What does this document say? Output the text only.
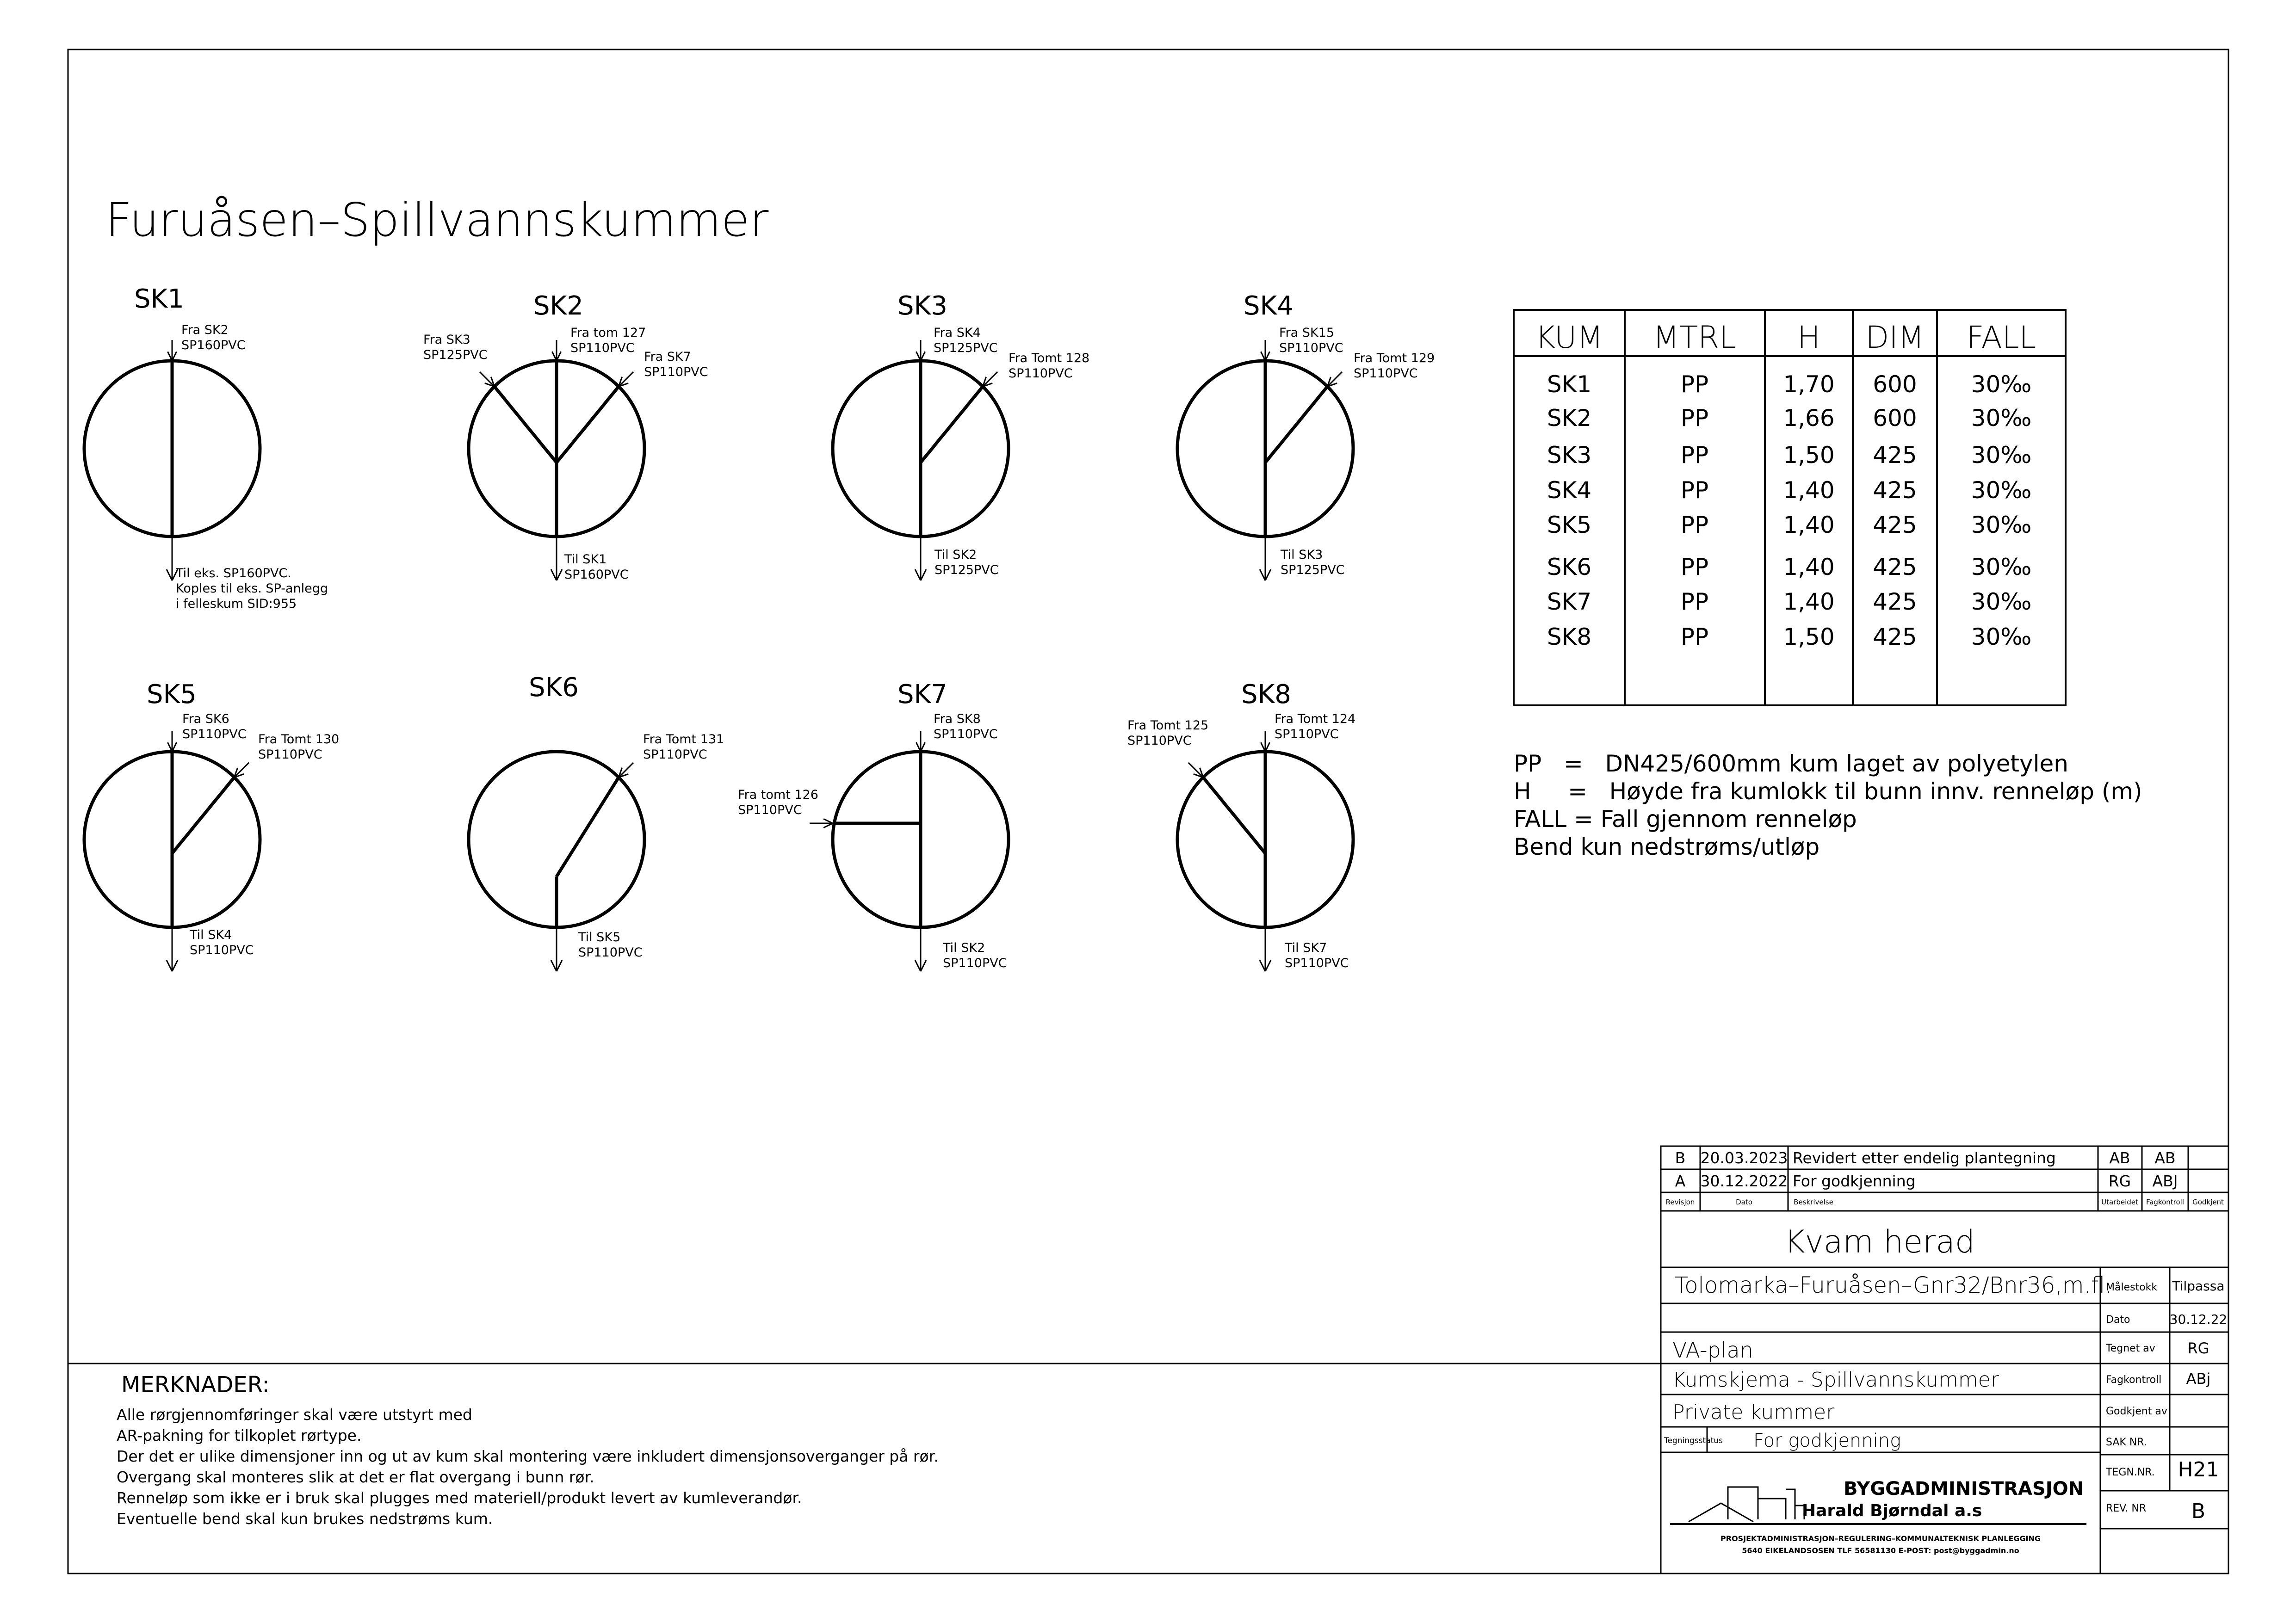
Furuåsen–Spillvannskummer
SK1
Fra SK2
SP160PVC
Til eks. SP160PVC.
Koples til eks. SP-anlegg
i felleskum SID:955
SK2
Fra SK3
SP125PVC
Fra tom 127
SP110PVC
Fra SK7
SP110PVC
Til SK1
SP160PVC
SK3
Fra SK4
SP125PVC
Fra Tomt 128
SP110PVC
Til SK2
SP125PVC
SK4
Fra SK15
SP110PVC
Fra Tomt 129
SP110PVC
Til SK3
SP125PVC
SK5
Fra SK6
SP110PVC Fra Tomt 130
SP110PVC
Til SK4
SP110PVC
SK6
Fra Tomt 131
SP110PVC
Til SK5
SP110PVC
SK7
Fra SK8
SP110PVC
Fra tomt 126
SP110PVC
Til SK2
SP110PVC
SK8
Fra Tomt 125
SP110PVC
Fra Tomt 124
SP110PVC
Til SK7
SP110PVC
KUM MTRL H DIM FALL
SK1	PP	1,70 600 30‰
SK2	PP	1,66 600 30‰
SK3	PP	1,50 425 30‰
SK4	PP	1,40 425 30‰
SK5	PP	1,40 425 30‰
SK6	PP	1,40 425 30‰
SK7	PP	1,40 425 30‰
SK8	PP	1,50 425 30‰
PP   =   DN425/600mm kum laget av polyetylen
H     =   Høyde fra kumlokk til bunn innv. renneløp (m)
FALL = Fall gjennom renneløp
Bend kun nedstrøms/utløp
MERKNADER:
Alle rørgjennomføringer skal være utstyrt med
AR-pakning for tilkoplet rørtype.
Der det er ulike dimensjoner inn og ut av kum skal montering være inkludert dimensjonsoverganger på rør.
Overgang skal monteres slik at det er flat overgang i bunn rør.
Renneløp som ikke er i bruk skal plugges med materiell/produkt levert av kumleverandør.
Eventuelle bend skal kun brukes nedstrøms kum.
B 20.03.2023 Revidert etter endelig plantegning	AB AB
A 30.12.2022 For godkjenning	RG ABJ
Revisjon	Dato	Beskrivelse	Utarbeidet Fagkontroll Godkjent
Kvam herad
Tolomarka–Furuåsen–Gnr32/Bnr36,m.fl.
Målestokk Tilpassa
Dato	30.12.22
VA-plan	Tegnet av RG
Kumskjema - Spillvannskummer	Fagkontroll ABj
Private kummer	Godkjent av
Tegningsstatus For godkjenning	SAK NR.
TEGN.NR. H21
REV. NR B
BYGGADMINISTRASJON
Harald Bjørndal a.s
PROSJEKTADMINISTRASJON–REGULERING–KOMMUNALTEKNISK PLANLEGGING
5640 EIKELANDSOSEN TLF 56581130 E-POST: post@byggadmin.no
